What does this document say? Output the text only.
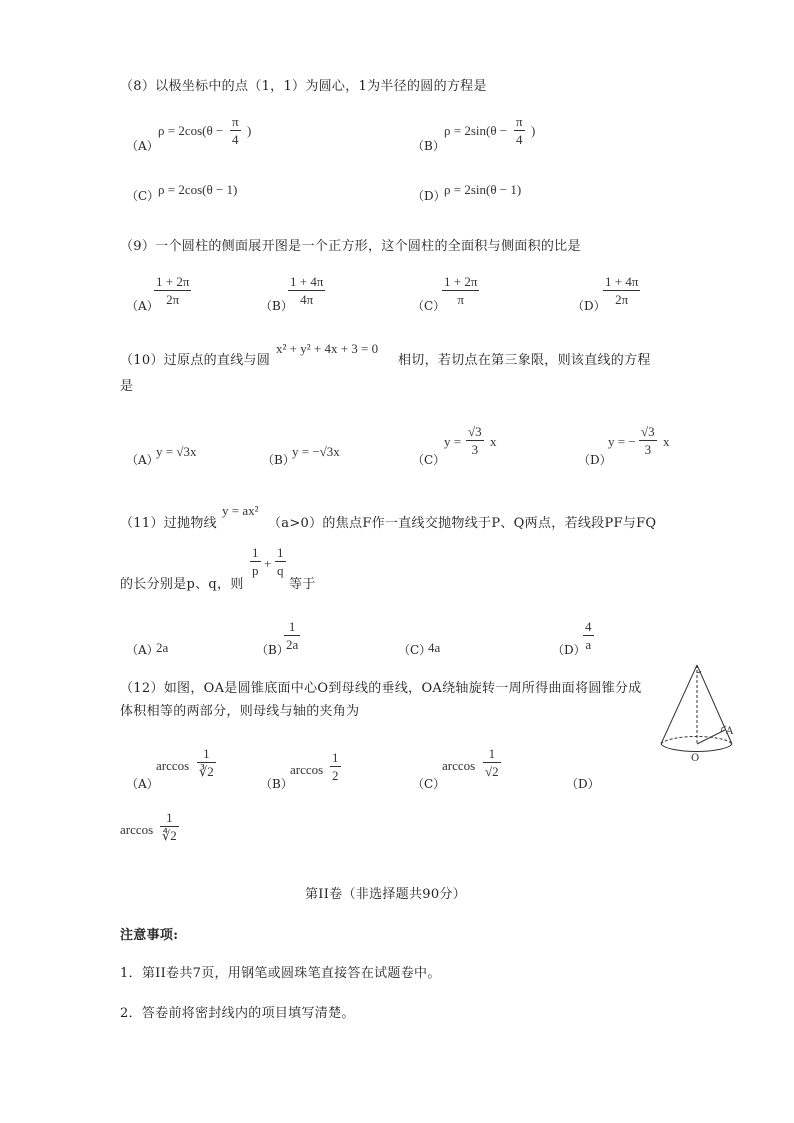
（8）以极坐标中的点（1，1）为圆心，1为半径的圆的方程是
（A）
ρ = 2cos(θ −
π
4
)
（B）
ρ = 2sin(θ −
π
4
)
（C）
ρ = 2cos(θ − 1)	（D）
ρ = 2sin(θ − 1)
（9）一个圆柱的侧面展开图是一个正方形，这个圆柱的全面积与侧面积的比是
（A）
1 + 2π
2π	（B）
1 + 4π
4π	（C）
1 + 2π
π	（D）
1 + 4π
2π
（10）过原点的直线与圆
x² + y² + 4x + 3 = 0
相切，若切点在第三象限，则该直线的方程
是
（A）
y = √3x
（B）
y = −√3x
（C）
y =
√3
3
x
（D）
y = −
√3
3
x
（11）过抛物线
y = ax²
（a>0）的焦点F作一直线交抛物线于P、Q两点，若线段PF与FQ
的长分别是p、q，则
1
p +
1
q
等于
（A）
2a	（B）
1
2a	（C）
4a	（D）
4
a
（12）如图，OA是圆锥底面中心O到母线的垂线，OA绕轴旋转一周所得曲面将圆锥分成
体积相等的两部分，则母线与轴的夹角为
（A）
arccos
1
∛2
（B）
arccos
1
2
（C）
arccos
1
√2
（D）
arccos
1
∜2
A
O
第II卷（非选择题共90分）
注意事项:
1．第II卷共7页，用钢笔或圆珠笔直接答在试题卷中。
2．答卷前将密封线内的项目填写清楚。
